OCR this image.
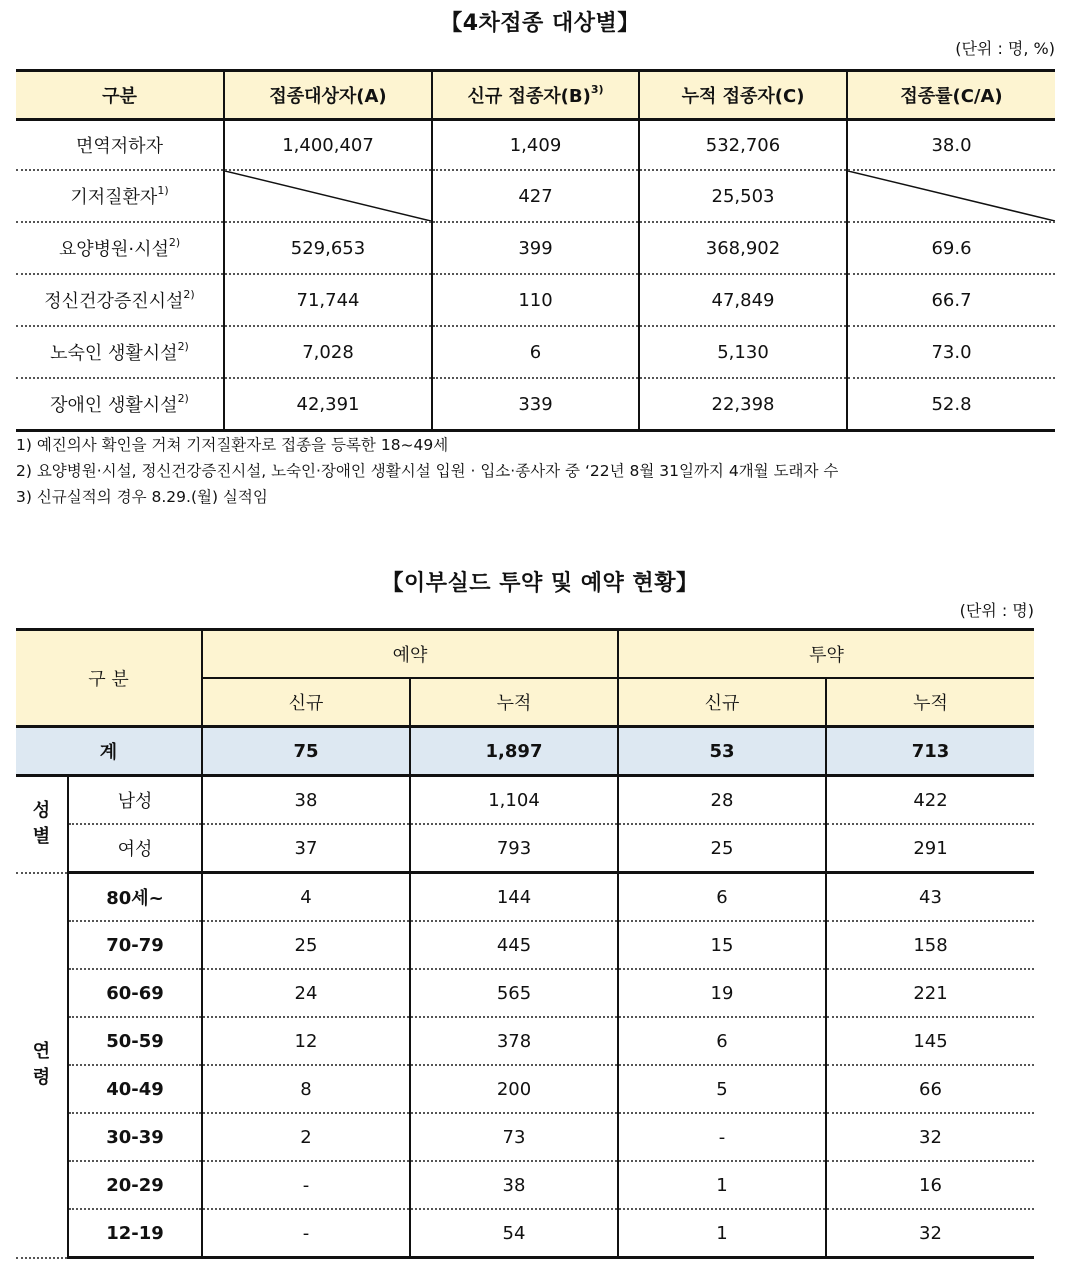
【4차접종 대상별】
(단위 : 명, %)
구분	접종대상자(A)	신규 접종자$(B)^{3)}$	누적 접종자(C)	접종률(C/A)
면역저하자	1,400,407	1,409	532,706	38.0
기저질환자$^{1)}$		427	25,503	

요양병원·시설$^{2)}$	529,653	399	368,902	69.6
정신건강증진시설$^{2)}$	71,744	110	47,849	66.7
노숙인 생활시설$^{2)}$	7,028	6	5,130	73.0
장애인 생활시설$^{2)}$	42,391	339	22,398	52.8
1) 예진의사 확인을 거쳐 기저질환자로 접종을 등록한 18~49세
2) 요양병원·시설, 정신건강증진시설, 노숙인·장애인 생활시설 입원 · 입소·종사자 중 ‘22년 8월 31일까지 4개월 도래자 수
3) 신규실적의 경우 8.29.(월) 실적임
【이부실드 투약 및 예약 현황】
(단위 : 명)
구 분		예약		투약	
		신규	누적	신규	누적
계		75	1,897	53	713
성
별	남성	38	1,104	28	422
	여성	37	793	25	291
연
령	80세~	4	144	6	43
	70-79	25	445	15	158
	60-69	24	565	19	221
	50-59	12	378	6	145
	40-49	8	200	5	66
	30-39	2	73	-	32
	20-29	-	38	1	16
	12-19	-	54	1	32
